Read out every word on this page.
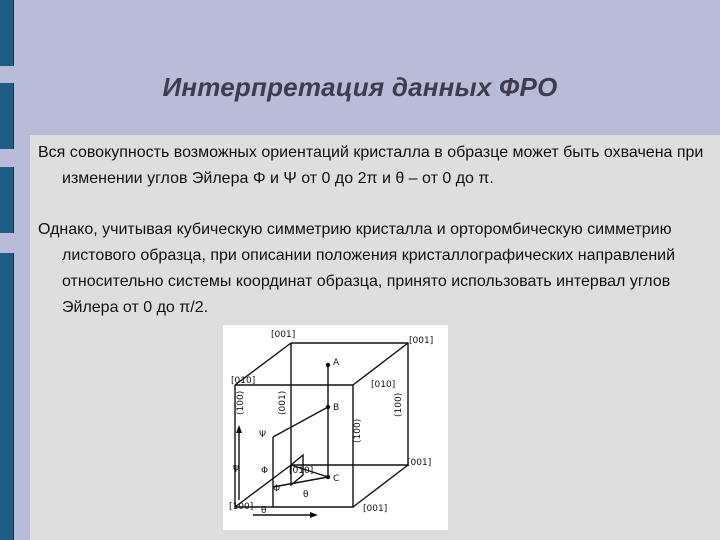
Интерпретация данных ФРО
Вся совокупность возможных ориентаций кристалла в образце может быть охвачена при изменении углов Эйлера Φ и Ψ от 0 до 2π и θ – от 0 до π.
Однако, учитывая кубическую симметрию кристалла и орторомбическую симметрию листового образца, при описании положения кристаллографических направлений относительно системы координат образца, принято использовать интервал углов Эйлера от 0 до π/2.
[001]
[001]
[010]	[010]
(100)	(001)	(100)
(100)
[010]
[001]
[100]	[001]
A
B
C
Ψ
Φ
Φ
θ
ψ
θ
